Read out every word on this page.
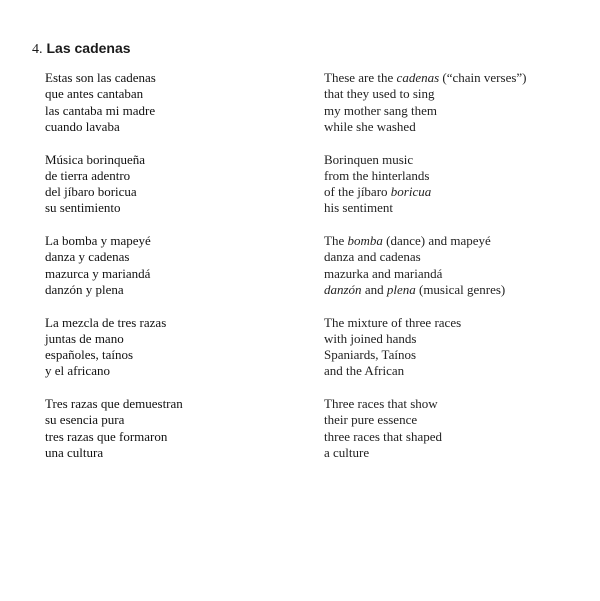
4. Las cadenas
Estas son las cadenas
que antes cantaban
las cantaba mi madre
cuando lavaba
Música borinqueña
de tierra adentro
del jíbaro boricua
su sentimiento
La bomba y mapeyé
danza y cadenas
mazurca y mariandá
danzón y plena
La mezcla de tres razas
juntas de mano
españoles, taínos
y el africano
Tres razas que demuestran
su esencia pura
tres razas que formaron
una cultura
These are the cadenas (“chain verses”)
that they used to sing
my mother sang them
while she washed
Borinquen music
from the hinterlands
of the jíbaro boricua
his sentiment
The bomba (dance) and mapeyé
danza and cadenas
mazurka and mariandá
danzón and plena (musical genres)
The mixture of three races
with joined hands
Spaniards, Taínos
and the African
Three races that show
their pure essence
three races that shaped
a culture
